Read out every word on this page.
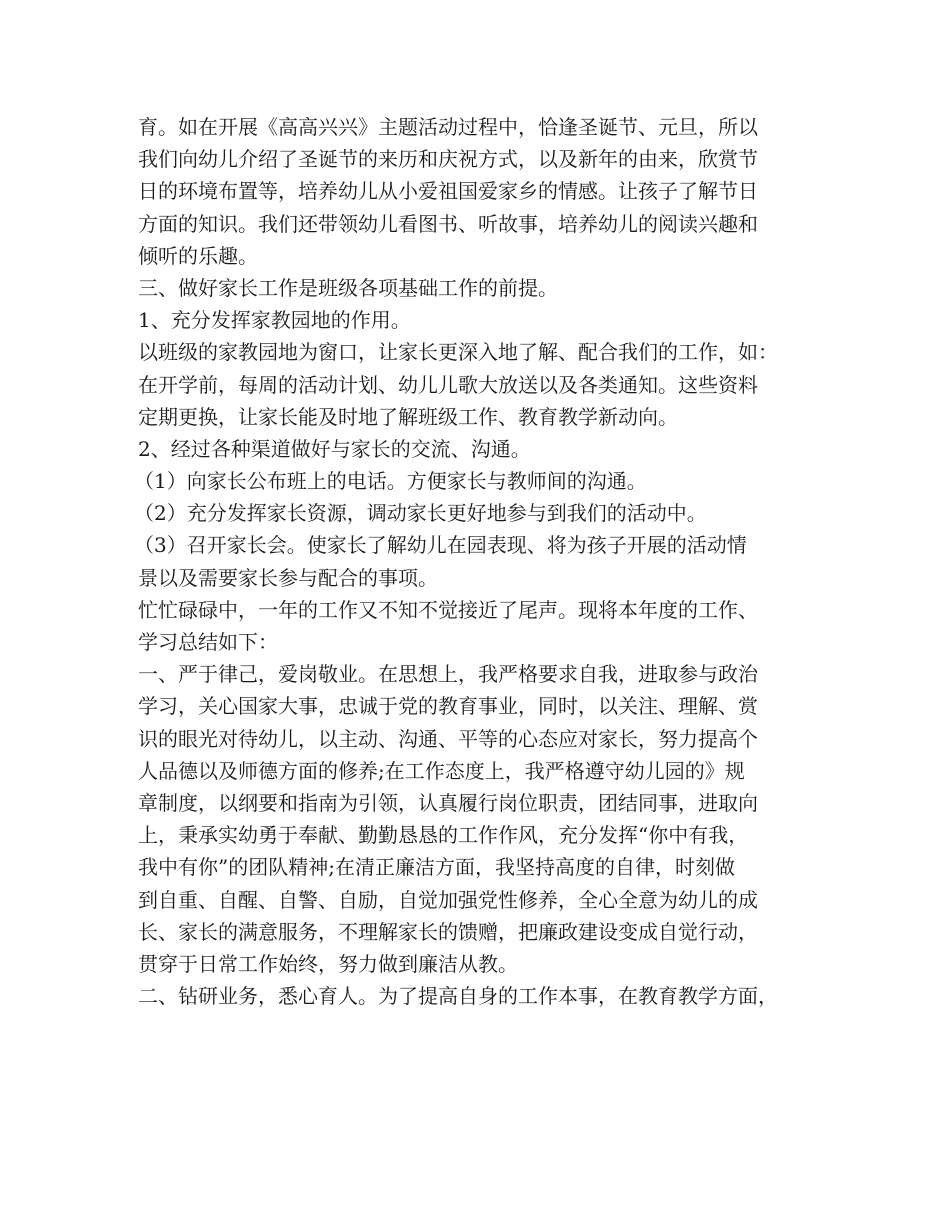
育。如在开展《高高兴兴》主题活动过程中，恰逢圣诞节、元旦，所以
我们向幼儿介绍了圣诞节的来历和庆祝方式，以及新年的由来，欣赏节
日的环境布置等，培养幼儿从小爱祖国爱家乡的情感。让孩子了解节日
方面的知识。我们还带领幼儿看图书、听故事，培养幼儿的阅读兴趣和
倾听的乐趣。
三、做好家长工作是班级各项基础工作的前提。
1、充分发挥家教园地的作用。
以班级的家教园地为窗口，让家长更深入地了解、配合我们的工作，如：
在开学前，每周的活动计划、幼儿儿歌大放送以及各类通知。这些资料
定期更换，让家长能及时地了解班级工作、教育教学新动向。
2、经过各种渠道做好与家长的交流、沟通。
（1）向家长公布班上的电话。方便家长与教师间的沟通。
（2）充分发挥家长资源，调动家长更好地参与到我们的活动中。
（3）召开家长会。使家长了解幼儿在园表现、将为孩子开展的活动情
景以及需要家长参与配合的事项。
忙忙碌碌中，一年的工作又不知不觉接近了尾声。现将本年度的工作、
学习总结如下：
一、严于律己，爱岗敬业。在思想上，我严格要求自我，进取参与政治
学习，关心国家大事，忠诚于党的教育事业，同时，以关注、理解、赏
识的眼光对待幼儿，以主动、沟通、平等的心态应对家长，努力提高个
人品德以及师德方面的修养;在工作态度上，我严格遵守幼儿园的》规
章制度，以纲要和指南为引领，认真履行岗位职责，团结同事，进取向
上，秉承实幼勇于奉献、勤勤恳恳的工作作风，充分发挥“你中有我，
我中有你”的团队精神;在清正廉洁方面，我坚持高度的自律，时刻做
到自重、自醒、自警、自励，自觉加强党性修养，全心全意为幼儿的成
长、家长的满意服务，不理解家长的馈赠，把廉政建设变成自觉行动，
贯穿于日常工作始终，努力做到廉洁从教。
二、钻研业务，悉心育人。为了提高自身的工作本事，在教育教学方面，
